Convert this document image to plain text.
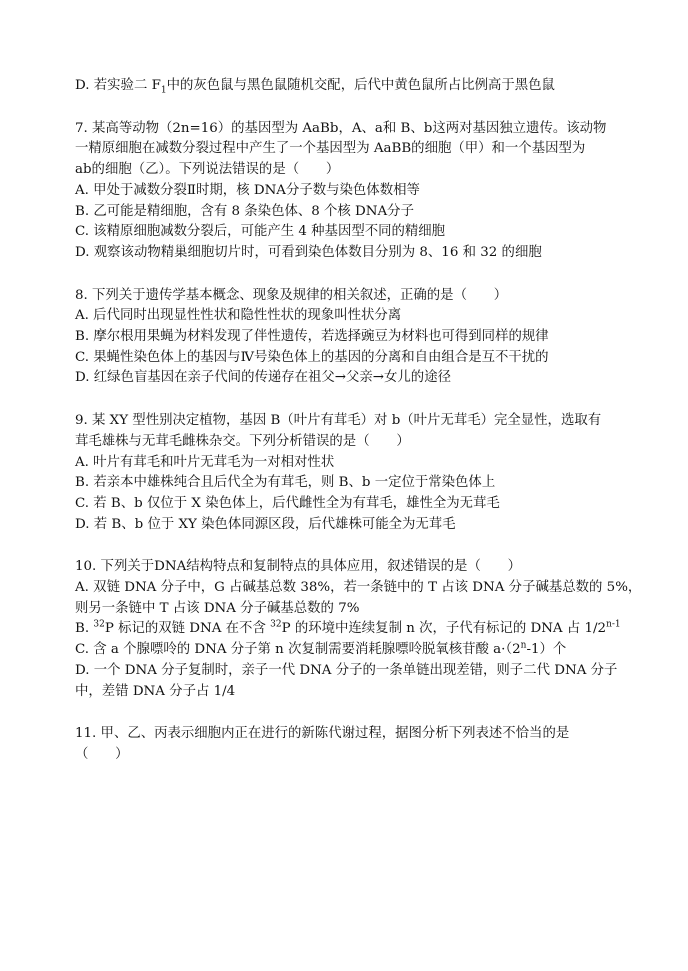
D. 若实验二 $F_1$中的灰色鼠与黑色鼠随机交配，后代中黄色鼠所占比例高于黑色鼠
7. 某高等动物（2n=16）的基因型为 AaBb，A、a和 B、b这两对基因独立遗传。该动物
一精原细胞在减数分裂过程中产生了一个基因型为 AaBB的细胞（甲）和一个基因型为
ab的细胞（乙）。下列说法错误的是（　　）
A. 甲处于减数分裂Ⅱ时期，核 DNA分子数与染色体数相等
B. 乙可能是精细胞，含有 8 条染色体、8 个核 DNA分子
C. 该精原细胞减数分裂后，可能产生 4 种基因型不同的精细胞
D. 观察该动物精巢细胞切片时，可看到染色体数目分别为 8、16 和 32 的细胞
8. 下列关于遗传学基本概念、现象及规律的相关叙述，正确的是（　　）
A. 后代同时出现显性性状和隐性性状的现象叫性状分离
B. 摩尔根用果蝇为材料发现了伴性遗传，若选择豌豆为材料也可得到同样的规律
C. 果蝇性染色体上的基因与Ⅳ号染色体上的基因的分离和自由组合是互不干扰的
D. 红绿色盲基因在亲子代间的传递存在祖父→父亲→女儿的途径
9. 某 XY 型性别决定植物，基因 B（叶片有茸毛）对 b（叶片无茸毛）完全显性，选取有
茸毛雄株与无茸毛雌株杂交。下列分析错误的是（　　）
A. 叶片有茸毛和叶片无茸毛为一对相对性状
B. 若亲本中雄株纯合且后代全为有茸毛，则 B、b 一定位于常染色体上
C. 若 B、b 仅位于 X 染色体上，后代雌性全为有茸毛，雄性全为无茸毛
D. 若 B、b 位于 XY 染色体同源区段，后代雄株可能全为无茸毛
10. 下列关于DNA结构特点和复制特点的具体应用，叙述错误的是（　　）
A. 双链 DNA 分子中，G 占碱基总数 38%，若一条链中的 T 占该 DNA 分子碱基总数的 5%，
则另一条链中 T 占该 DNA 分子碱基总数的 7%
B. $^{32}$P 标记的双链 DNA 在不含 $^{32}$P 的环境中连续复制 n 次，子代有标记的 DNA 占 1/2$^{n-1}$
C. 含 a 个腺嘌呤的 DNA 分子第 n 次复制需要消耗腺嘌呤脱氧核苷酸 $a\cdot(2^n-1)$个
D. 一个 DNA 分子复制时，亲子一代 DNA 分子的一条单链出现差错，则子二代 DNA 分子
中，差错 DNA 分子占 1/4
11. 甲、乙、丙表示细胞内正在进行的新陈代谢过程，据图分析下列表述不恰当的是
（　　）
